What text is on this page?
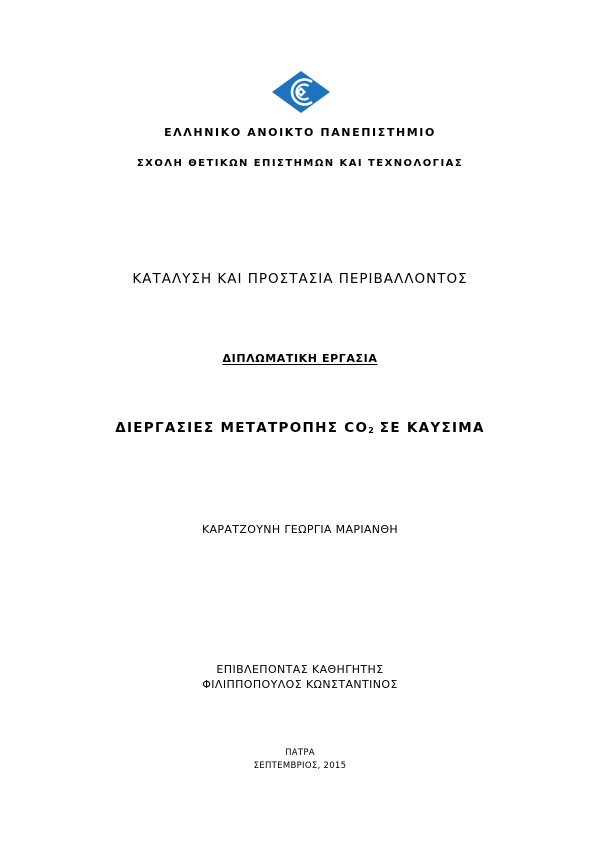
ΕΛΛΗΝΙΚΟ ΑΝΟΙΚΤΟ ΠΑΝΕΠΙΣΤΗΜΙΟ
ΣΧΟΛΗ ΘΕΤΙΚΩΝ ΕΠΙΣΤΗΜΩΝ ΚΑΙ ΤΕΧΝΟΛΟΓΙΑΣ
ΚΑΤΑΛΥΣΗ ΚΑΙ ΠΡΟΣΤΑΣΙΑ ΠΕΡΙΒΑΛΛΟΝΤΟΣ
ΔΙΠΛΩΜΑΤΙΚΗ ΕΡΓΑΣΙΑ
ΔΙΕΡΓΑΣΙΕΣ ΜΕΤΑΤΡΟΠΗΣ $CO_2$ ΣΕ ΚΑΥΣΙΜΑ
ΚΑΡΑΤΖΟΥΝΗ ΓΕΩΡΓΙΑ ΜΑΡΙΑΝΘΗ
ΕΠΙΒΛΕΠΟΝΤΑΣ ΚΑΘΗΓΗΤΗΣ
ΦΙΛΙΠΠΟΠΟΥΛΟΣ ΚΩΝΣΤΑΝΤΙΝΟΣ
ΠΑΤΡΑ
ΣΕΠΤΕΜΒΡΙΟΣ, 2015
